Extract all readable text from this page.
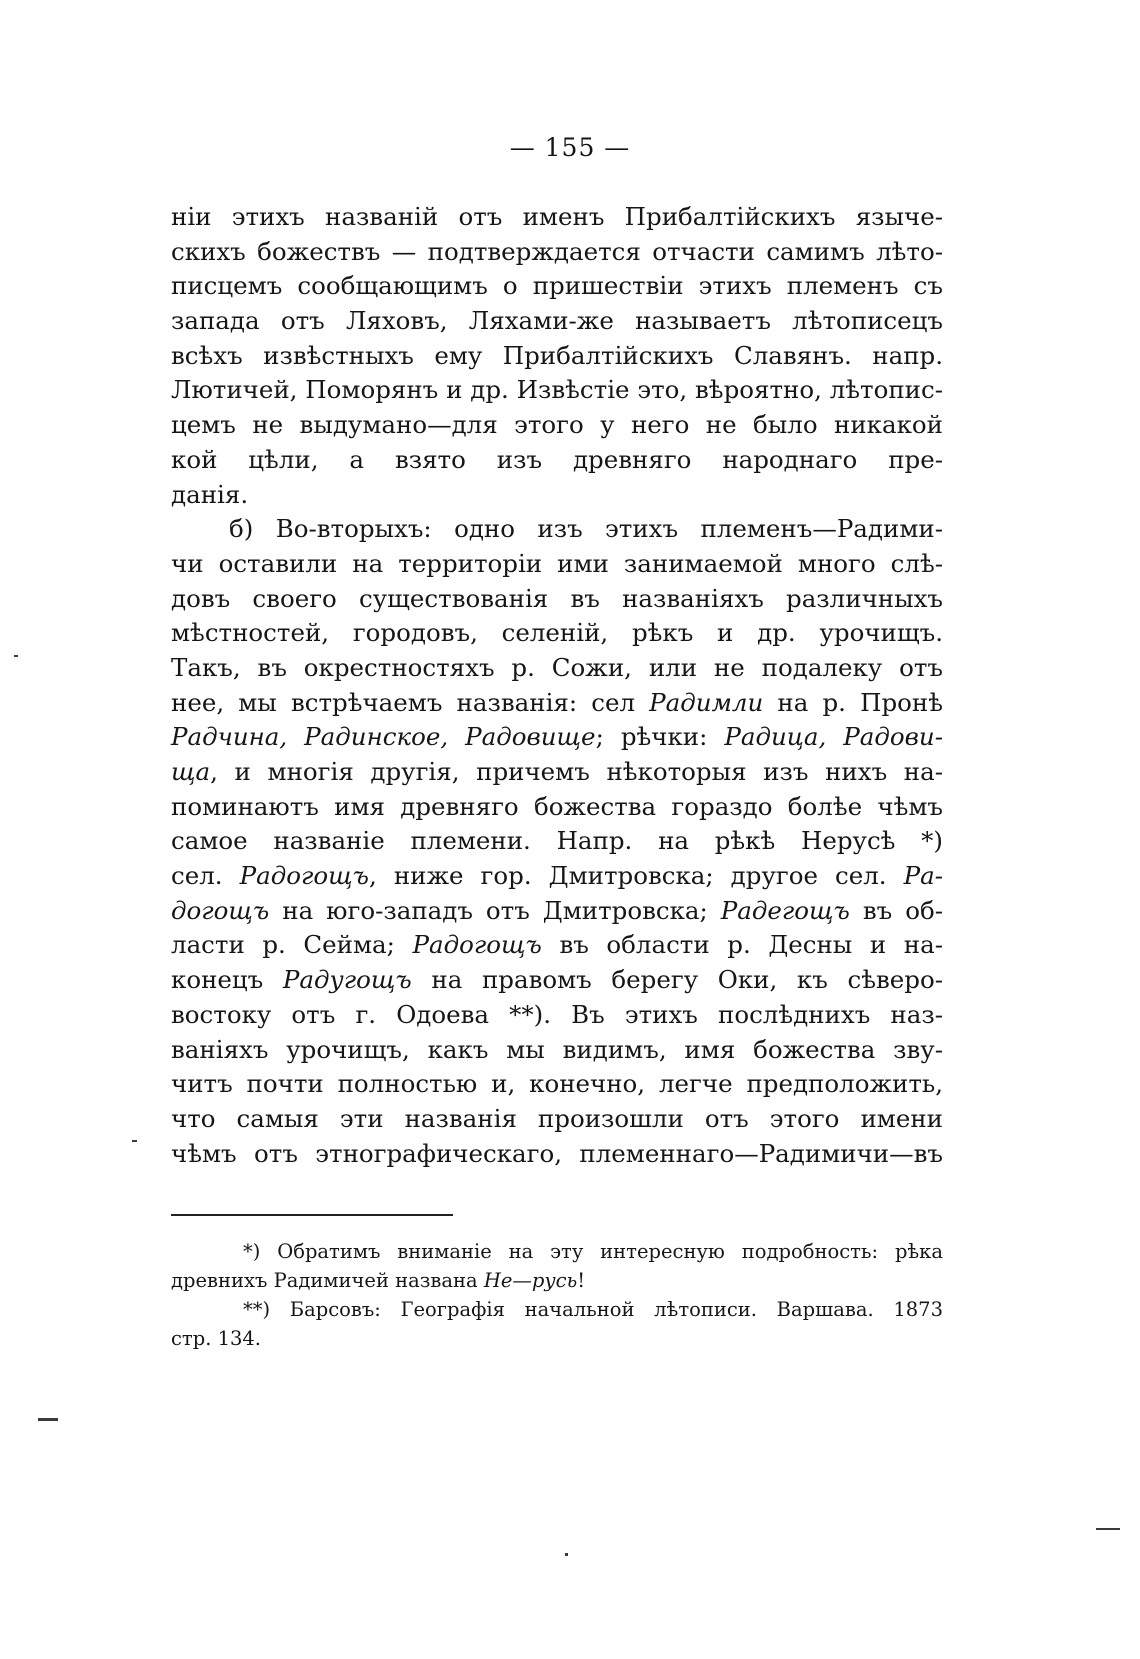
— 155 —
нiи этихъ названiй отъ именъ Прибалтiйскихъ языче-
скихъ божествъ — подтверждается отчасти самимъ лѣто-
писцемъ сообщающимъ о пришествiи этихъ племенъ съ
запада отъ Ляховъ, Ляхами-же называетъ лѣтописецъ
всѣхъ извѣстныхъ ему Прибалтiйскихъ Славянъ. напр.
Лютичей, Поморянъ и др. Извѣстiе это, вѣроятно, лѣтопис-
цемъ не выдумано—для этого у него не было никакой
кой цѣли, а взято изъ древняго народнаго пре-
данiя.
б) Во-вторыхъ: одно изъ этихъ племенъ—Радими-
чи оставили на территорiи ими занимаемой много слѣ-
довъ своего существованiя въ названiяхъ различныхъ
мѣстностей, городовъ, селенiй, рѣкъ и др. урочищъ.
Такъ, въ окрестностяхъ р. Сожи, или не подалеку отъ
нее, мы встрѣчаемъ названiя: сел Радимли на р. Пронѣ
Радчина, Радинское, Радовище; рѣчки: Радица, Радови-
ща, и многiя другiя, причемъ нѣкоторыя изъ нихъ на-
поминаютъ имя древняго божества гораздо болѣе чѣмъ
самое названiе племени. Напр. на рѣкѣ Нерусѣ *)
сел. Радогощъ, ниже гор. Дмитровска; другое сел. Ра-
догощъ на юго-западъ отъ Дмитровска; Радегощъ въ об-
ласти р. Сейма; Радогощъ въ области р. Десны и на-
конецъ Радугощъ на правомъ берегу Оки, къ сѣверо-
востоку отъ г. Одоева **). Въ этихъ послѣднихъ наз-
ванiяхъ урочищъ, какъ мы видимъ, имя божества зву-
читъ почти полностью и, конечно, легче предположить,
что самыя эти названiя произошли отъ этого имени
чѣмъ отъ этнографическаго, племеннаго—Радимичи—въ
*) Обратимъ вниманiе на эту интересную подробность: рѣка
древнихъ Радимичей названа Не—русь!
**) Барсовъ: Географiя начальной лѣтописи. Варшава. 1873
стр. 134.
